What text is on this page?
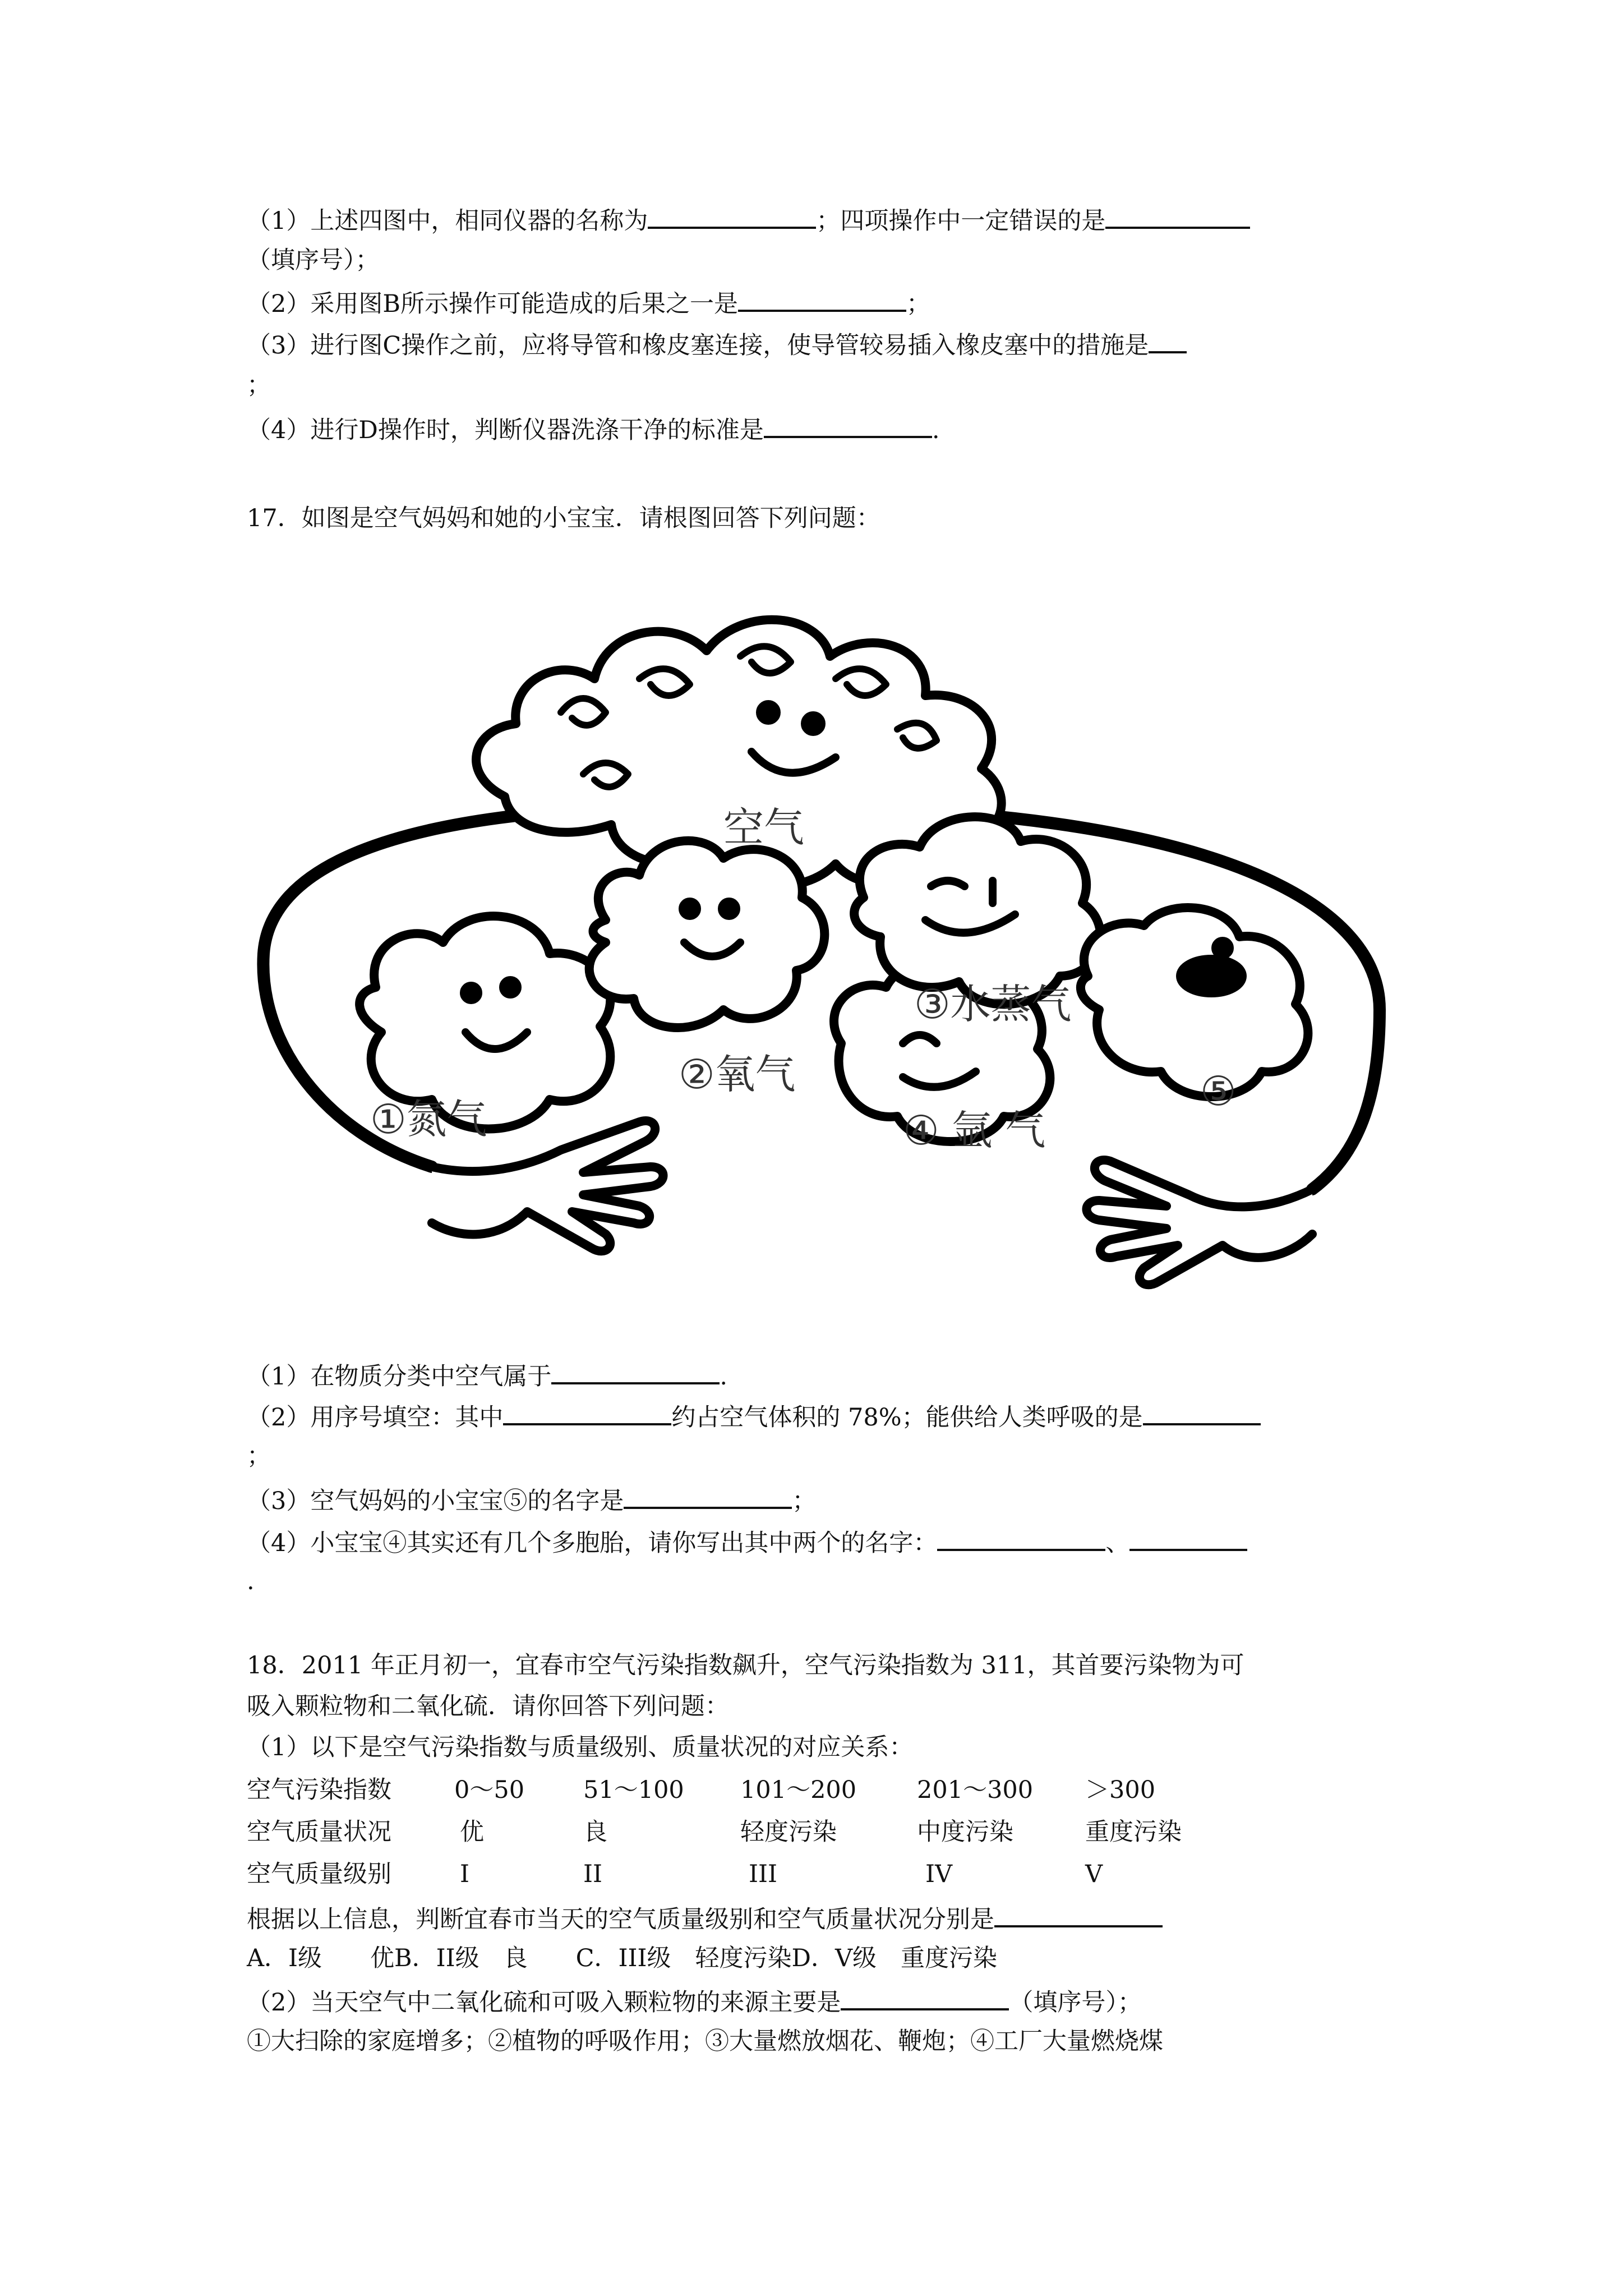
（1）上述四图中，相同仪器的名称为	；四项操作中一定错误的是
（填序号）；
（2）采用图B所示操作可能造成的后果之一是	；
（3）进行图C操作之前，应将导管和橡皮塞连接，使导管较易插入橡皮塞中的措施是
；
（4）进行D操作时，判断仪器洗涤干净的标准是	.
17．如图是空气妈妈和她的小宝宝．请根图回答下列问题：
空气
①氮气
②氧气
③水蒸气
④ 氩 气
⑤
（1）在物质分类中空气属于	.
（2）用序号填空：其中	约占空气体积的 78%；能供给人类呼吸的是
；
（3）空气妈妈的小宝宝⑤的名字是	；
（4）小宝宝④其实还有几个多胞胎，请你写出其中两个的名字：	、
.
18．2011 年正月初一，宜春市空气污染指数飙升，空气污染指数为 311，其首要污染物为可
吸入颗粒物和二氧化硫．请你回答下列问题：
（1）以下是空气污染指数与质量级别、质量状况的对应关系：
空气污染指数	0～50 51～100 101～200	201～300 ＞300
空气质量状况	优	良	轻度污染	中度污染	重度污染
空气质量级别	I	II	III	IV	V
根据以上信息，判断宜春市当天的空气质量级别和空气质量状况分别是
A．I级　　优B．II级　良　　C．III级　轻度污染D．V级　重度污染
（2）当天空气中二氧化硫和可吸入颗粒物的来源主要是	（填序号）；
①大扫除的家庭增多；②植物的呼吸作用；③大量燃放烟花、鞭炮；④工厂大量燃烧煤
